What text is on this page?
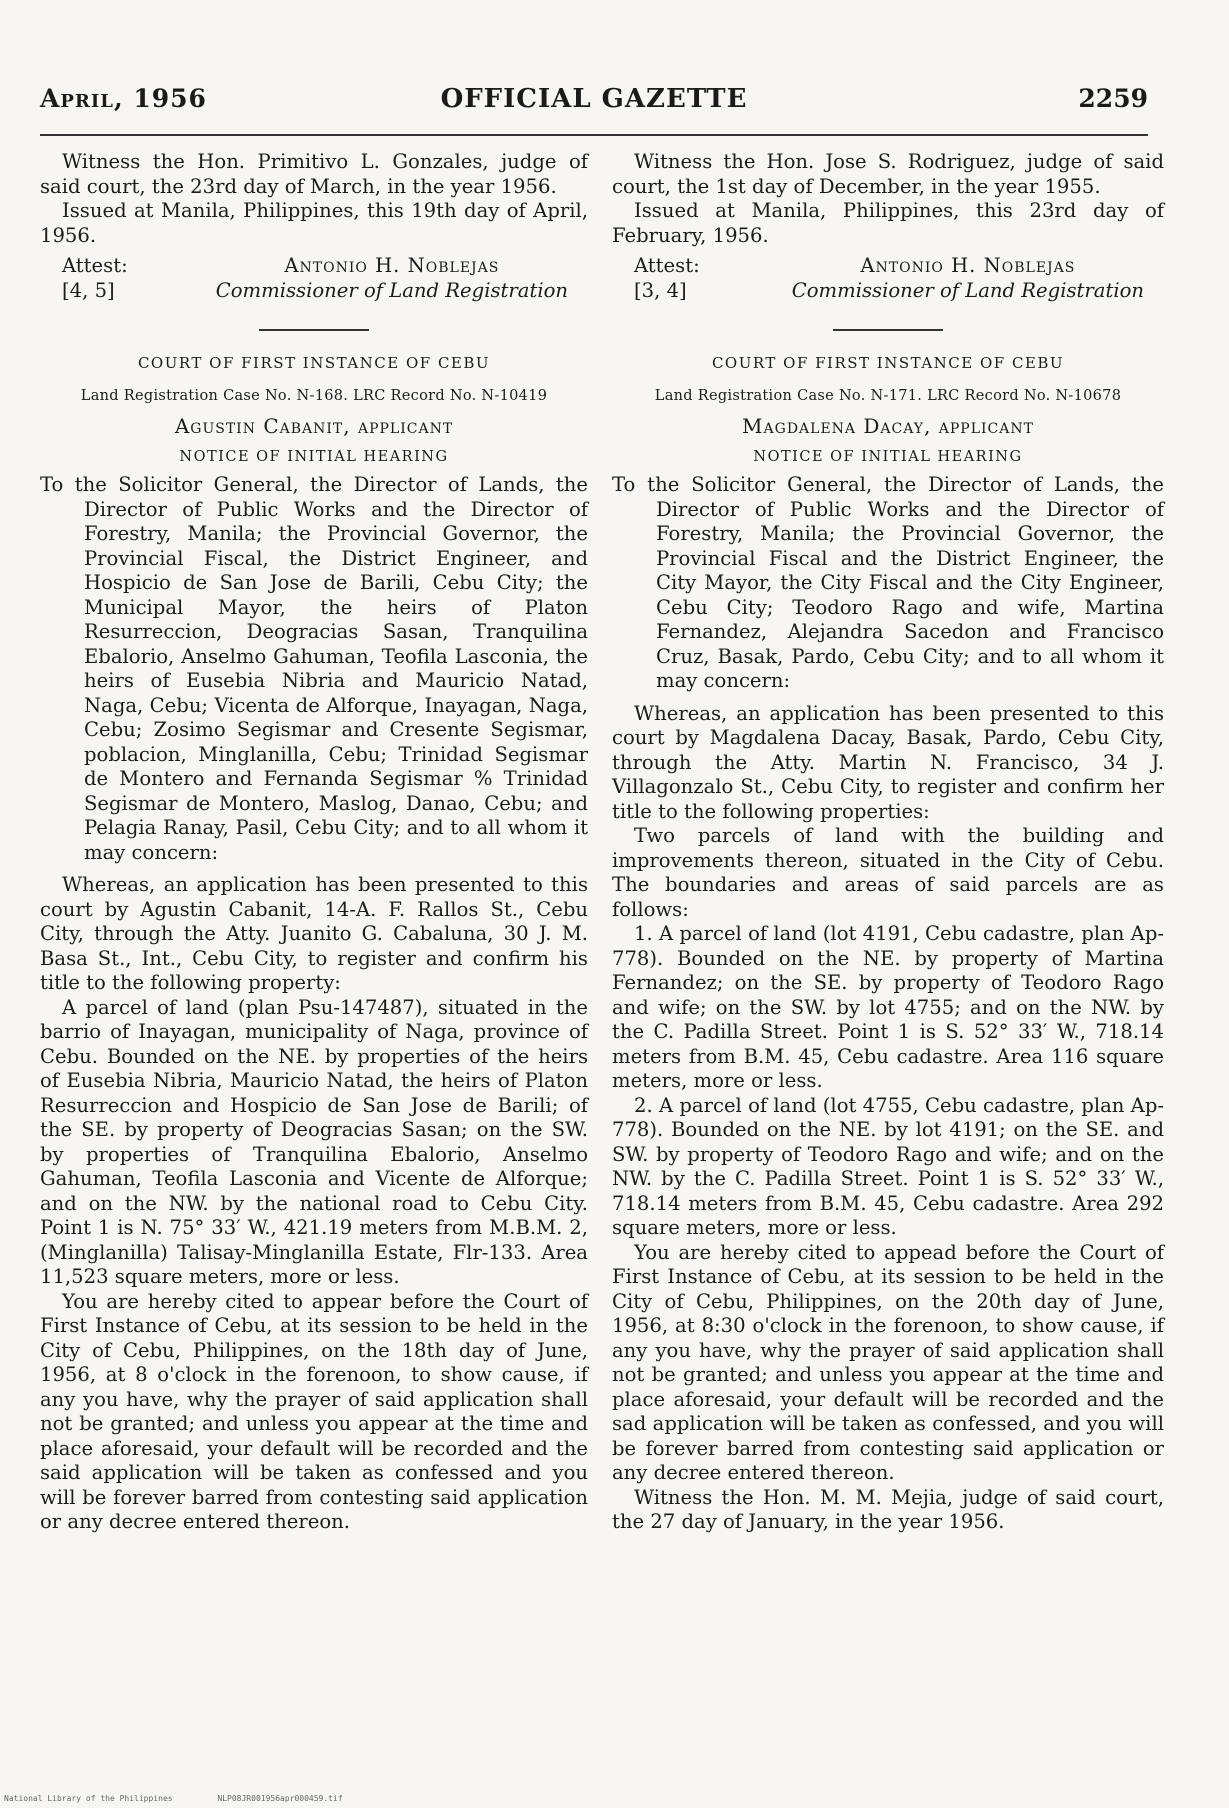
April, 1956	OFFICIAL GAZETTE	2259

Witness the Hon. Primitivo L. Gonzales, judge of said court, the 23rd day of March, in the year 1956.

Issued at Manila, Philippines, this 19th day of April, 1956.

Attest:
[4, 5]
Antonio H. Noblejas
Commissioner of Land Registration
COURT OF FIRST INSTANCE OF CEBU
Land Registration Case No. N-168. LRC Record No. N-10419
Agustin Cabanit, applicant
NOTICE OF INITIAL HEARING

To the Solicitor General, the Director of Lands, the Director of Public Works and the Director of Forestry, Manila; the Provincial Governor, the Provincial Fiscal, the District Engineer, and Hospicio de San Jose de Barili, Cebu City; the Municipal Mayor, the heirs of Platon Resurreccion, Deogracias Sasan, Tranquilina Ebalorio, Anselmo Gahuman, Teofila Lasconia, the heirs of Eusebia Nibria and Mauricio Natad, Naga, Cebu; Vicenta de Alforque, Inayagan, Naga, Cebu; Zosimo Segismar and Cresente Segismar, poblacion, Minglanilla, Cebu; Trinidad Segismar de Montero and Fernanda Segismar % Trinidad Segismar de Montero, Maslog, Danao, Cebu; and Pelagia Ranay, Pasil, Cebu City; and to all whom it may concern:

Whereas, an application has been presented to this court by Agustin Cabanit, 14-A. F. Rallos St., Cebu City, through the Atty. Juanito G. Cabaluna, 30 J. M. Basa St., Int., Cebu City, to register and confirm his title to the following property:

A parcel of land (plan Psu-147487), situated in the barrio of Inayagan, municipality of Naga, province of Cebu. Bounded on the NE. by properties of the heirs of Eusebia Nibria, Mauricio Natad, the heirs of Platon Resurreccion and Hospicio de San Jose de Barili; of the SE. by property of Deogracias Sasan; on the SW. by properties of Tranquilina Ebalorio, Anselmo Gahuman, Teofila Lasconia and Vicente de Alforque; and on the NW. by the national road to Cebu City. Point 1 is N. 75° 33′ W., 421.19 meters from M.B.M. 2, (Minglanilla) Talisay-Minglanilla Estate, Flr-133. Area 11,523 square meters, more or less.

You are hereby cited to appear before the Court of First Instance of Cebu, at its session to be held in the City of Cebu, Philippines, on the 18th day of June, 1956, at 8 o'clock in the forenoon, to show cause, if any you have, why the prayer of said application shall not be granted; and unless you appear at the time and place aforesaid, your default will be recorded and the said application will be taken as confessed and you will be forever barred from contesting said application or any decree entered thereon.

Witness the Hon. Jose S. Rodriguez, judge of said court, the 1st day of December, in the year 1955.

Issued at Manila, Philippines, this 23rd day of February, 1956.

Attest:
[3, 4]
Antonio H. Noblejas
Commissioner of Land Registration
COURT OF FIRST INSTANCE OF CEBU
Land Registration Case No. N-171. LRC Record No. N-10678
Magdalena Dacay, applicant
NOTICE OF INITIAL HEARING

To the Solicitor General, the Director of Lands, the Director of Public Works and the Director of Forestry, Manila; the Provincial Governor, the Provincial Fiscal and the District Engineer, the City Mayor, the City Fiscal and the City Engineer, Cebu City; Teodoro Rago and wife, Martina Fernandez, Alejandra Sacedon and Francisco Cruz, Basak, Pardo, Cebu City; and to all whom it may concern:

Whereas, an application has been presented to this court by Magdalena Dacay, Basak, Pardo, Cebu City, through the Atty. Martin N. Francisco, 34 J. Villagonzalo St., Cebu City, to register and confirm her title to the following properties:

Two parcels of land with the building and improvements thereon, situated in the City of Cebu. The boundaries and areas of said parcels are as follows:

1. A parcel of land (lot 4191, Cebu cadastre, plan Ap-778). Bounded on the NE. by property of Martina Fernandez; on the SE. by property of Teodoro Rago and wife; on the SW. by lot 4755; and on the NW. by the C. Padilla Street. Point 1 is S. 52° 33′ W., 718.14 meters from B.M. 45, Cebu cadastre. Area 116 square meters, more or less.

2. A parcel of land (lot 4755, Cebu cadastre, plan Ap-778). Bounded on the NE. by lot 4191; on the SE. and SW. by property of Teodoro Rago and wife; and on the NW. by the C. Padilla Street. Point 1 is S. 52° 33′ W., 718.14 meters from B.M. 45, Cebu cadastre. Area 292 square meters, more or less.

You are hereby cited to appead before the Court of First Instance of Cebu, at its session to be held in the City of Cebu, Philippines, on the 20th day of June, 1956, at 8:30 o'clock in the forenoon, to show cause, if any you have, why the prayer of said application shall not be granted; and unless you appear at the time and place aforesaid, your default will be recorded and the sad application will be taken as confessed, and you will be forever barred from contesting said application or any decree entered thereon.

Witness the Hon. M. M. Mejia, judge of said court, the 27 day of January, in the year 1956.

National Library of the Philippines	NLP08JR001956apr000459.tif
